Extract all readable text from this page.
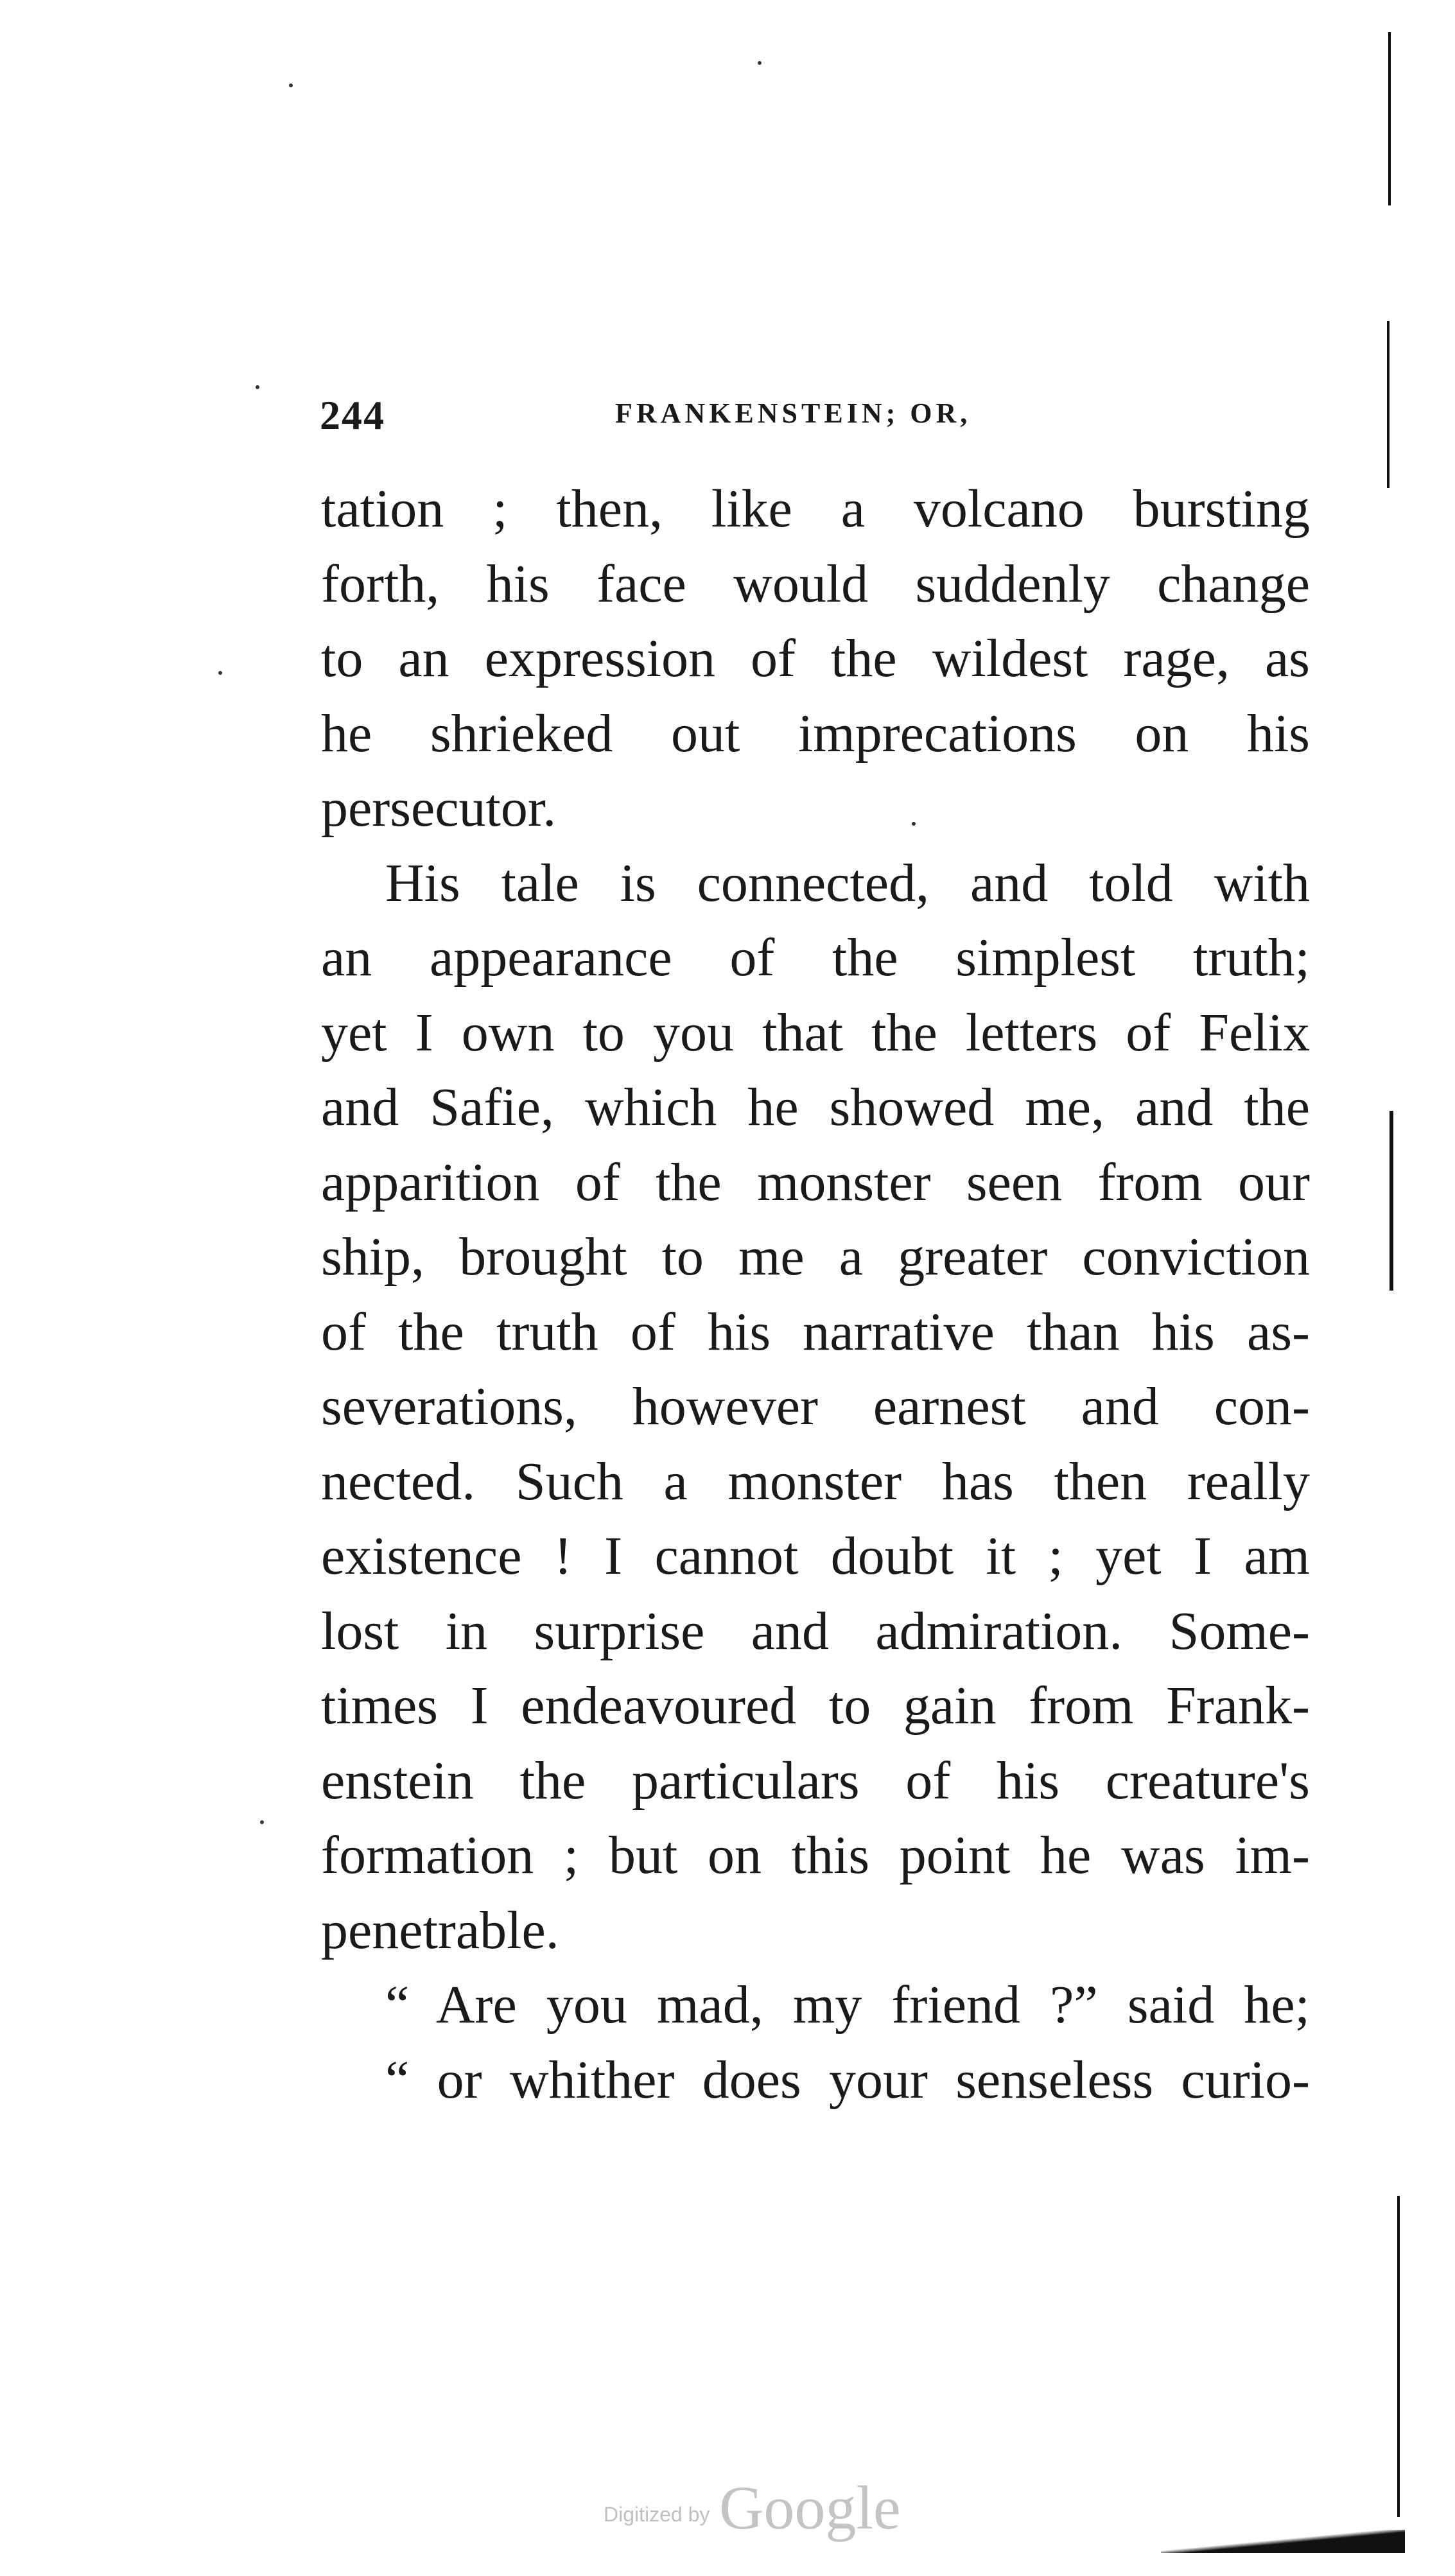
244	FRANKENSTEIN; OR,
tation ; then, like a volcano bursting
forth, his face would suddenly change
to an expression of the wildest rage, as
he shrieked out imprecations on his
persecutor.
His tale is connected, and told with
an appearance of the simplest truth;
yet I own to you that the letters of Felix
and Safie, which he showed me, and the
apparition of the monster seen from our
ship, brought to me a greater conviction
of the truth of his narrative than his as-
severations, however earnest and con-
nected. Such a monster has then really
existence ! I cannot doubt it ; yet I am
lost in surprise and admiration. Some-
times I endeavoured to gain from Frank-
enstein the particulars of his creature's
formation ; but on this point he was im-
penetrable.
“ Are you mad, my friend ?” said he;
“ or whither does your senseless curio-
Digitized by Google
